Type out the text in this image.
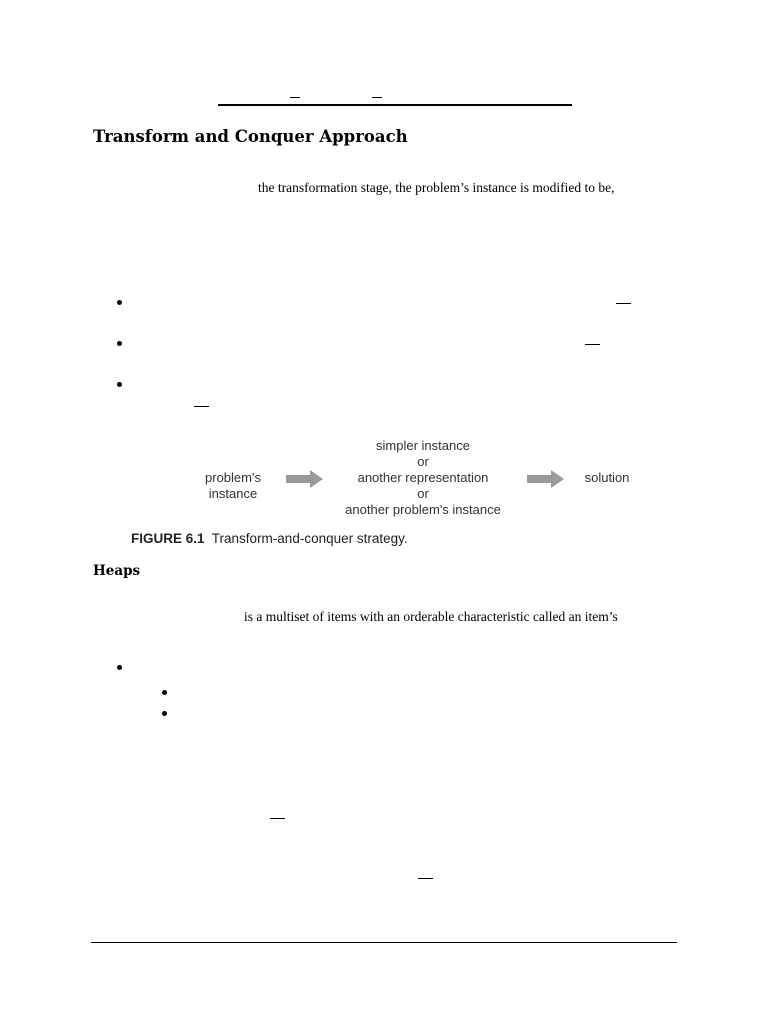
Transform and Conquer Approach
the transformation stage, the problem’s instance is modified to be,
problem's
instance
simpler instance
or
another representation
or
another problem's instance
solution
FIGURE 6.1 Transform-and-conquer strategy.
Heaps
is a multiset of items with an orderable characteristic called an item’s
